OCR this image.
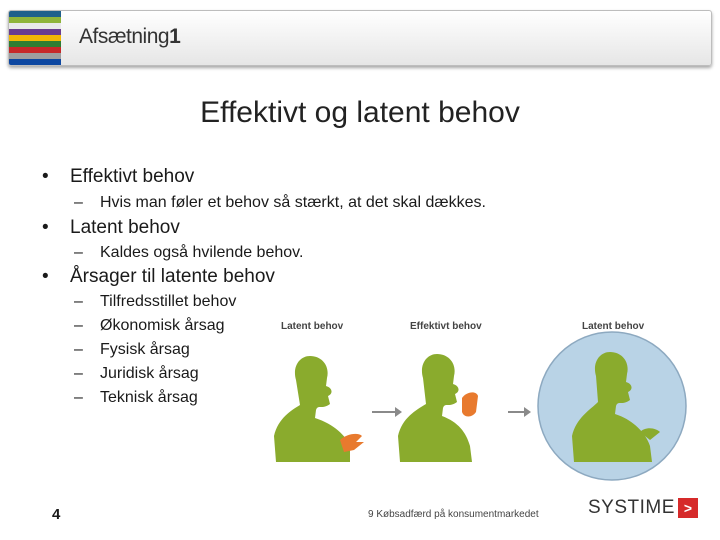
Afsætning1
Effektivt og latent behov
• Effektivt behov
– Hvis man føler et behov så stærkt, at det skal dækkes.
• Latent behov
– Kaldes også hvilende behov.
• Årsager til latente behov
– Tilfredsstillet behov
– Økonomisk årsag
– Fysisk årsag
– Juridisk årsag
– Teknisk årsag
Latent behov	Effektivt behov	Latent behov
4	9 Købsadfærd på konsumentmarkedet	SYSTIME >
